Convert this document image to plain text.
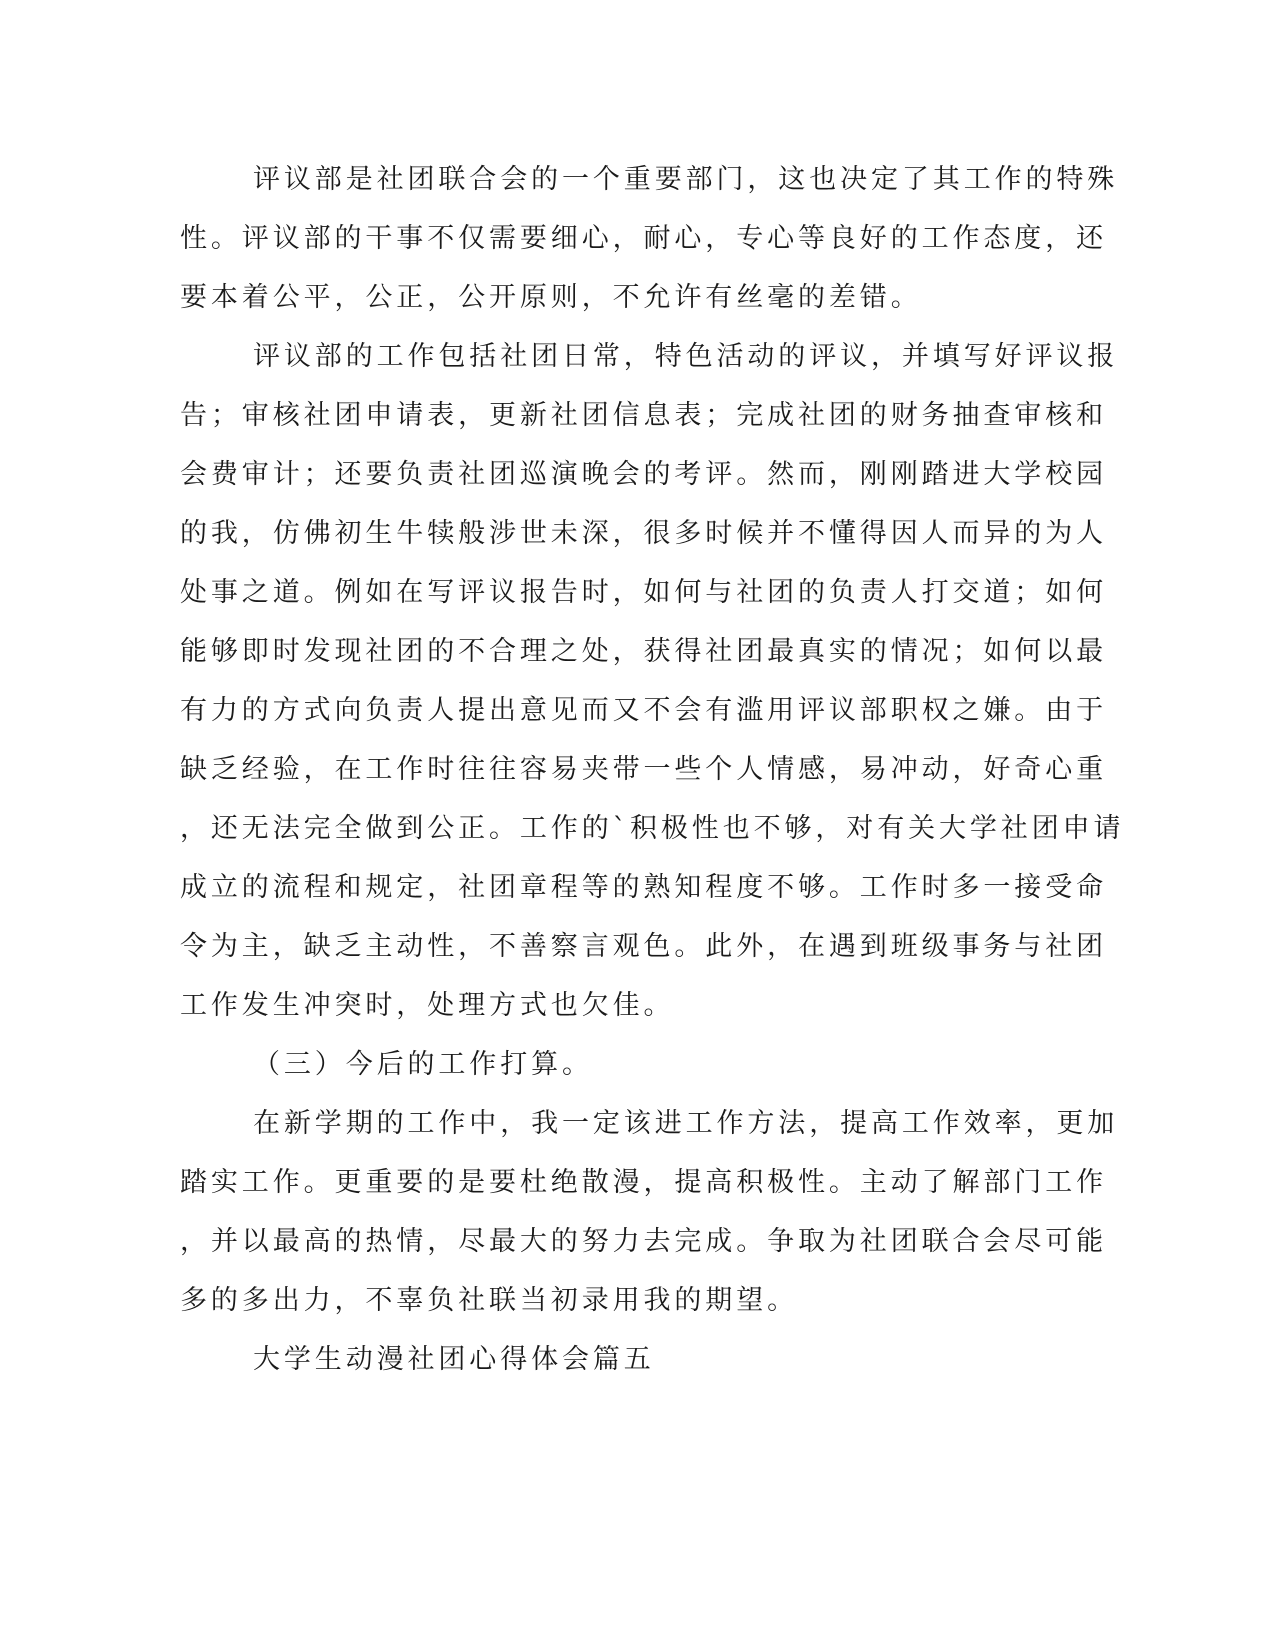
评议部是社团联合会的一个重要部门，这也决定了其工作的特殊
性。评议部的干事不仅需要细心，耐心，专心等良好的工作态度，还
要本着公平，公正，公开原则，不允许有丝毫的差错。
评议部的工作包括社团日常，特色活动的评议，并填写好评议报
告；审核社团申请表，更新社团信息表；完成社团的财务抽查审核和
会费审计；还要负责社团巡演晚会的考评。然而，刚刚踏进大学校园
的我，仿佛初生牛犊般涉世未深，很多时候并不懂得因人而异的为人
处事之道。例如在写评议报告时，如何与社团的负责人打交道；如何
能够即时发现社团的不合理之处，获得社团最真实的情况；如何以最
有力的方式向负责人提出意见而又不会有滥用评议部职权之嫌。由于
缺乏经验，在工作时往往容易夹带一些个人情感，易冲动，好奇心重
，还无法完全做到公正。工作的`积极性也不够，对有关大学社团申请
成立的流程和规定，社团章程等的熟知程度不够。工作时多一接受命
令为主，缺乏主动性，不善察言观色。此外，在遇到班级事务与社团
工作发生冲突时，处理方式也欠佳。
（三）今后的工作打算。
在新学期的工作中，我一定该进工作方法，提高工作效率，更加
踏实工作。更重要的是要杜绝散漫，提高积极性。主动了解部门工作
，并以最高的热情，尽最大的努力去完成。争取为社团联合会尽可能
多的多出力，不辜负社联当初录用我的期望。
大学生动漫社团心得体会篇五
